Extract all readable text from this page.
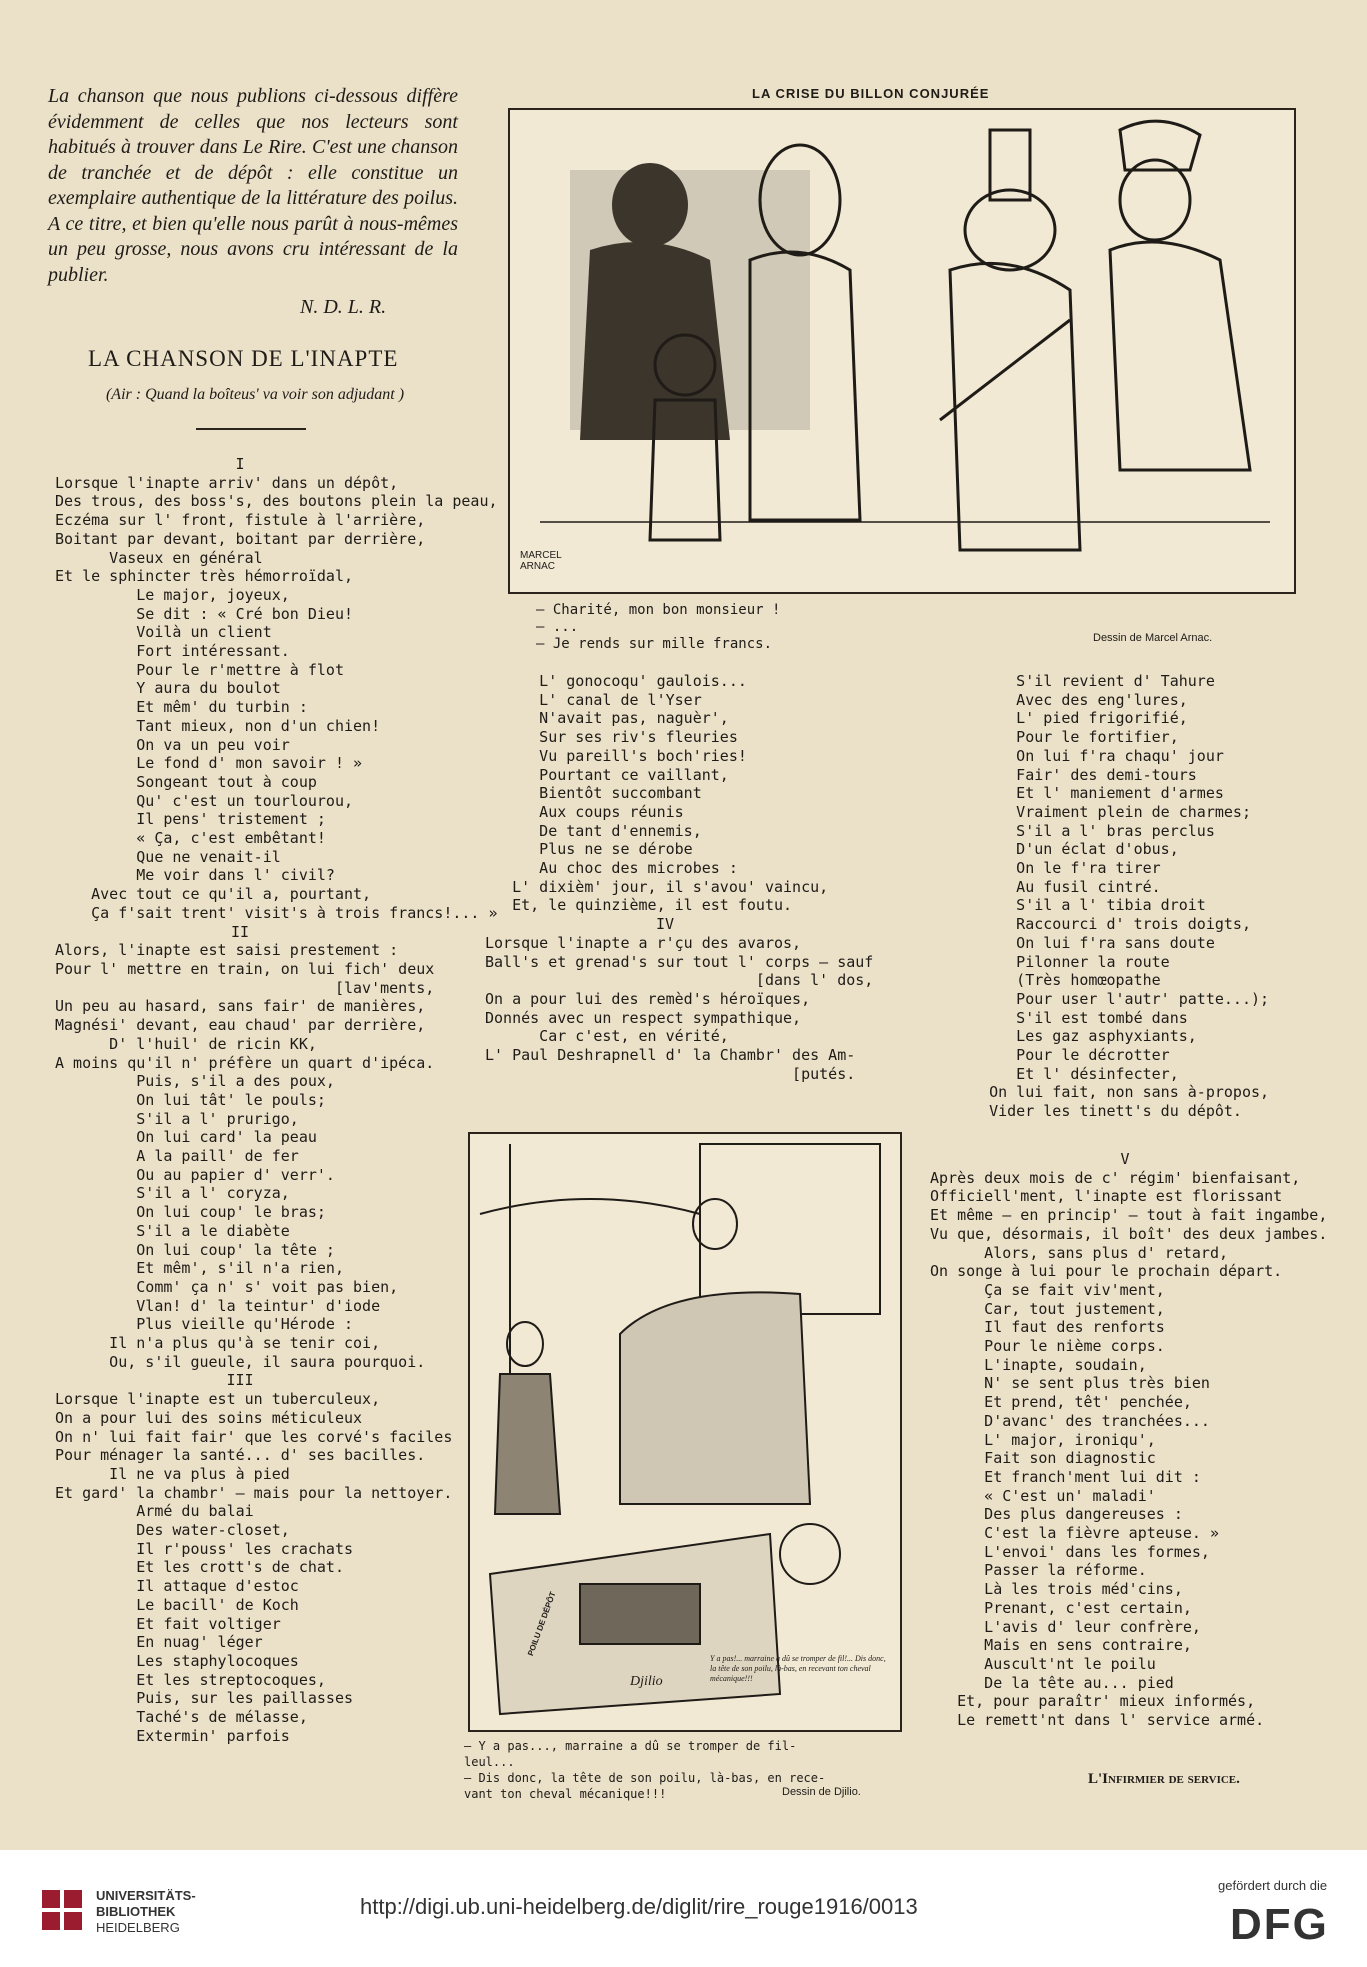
La chanson que nous publions ci-dessous diffère évidemment de celles que nos lecteurs sont habitués à trouver dans Le Rire. C'est une chanson de tranchée et de dépôt : elle constitue un exemplaire authentique de la littérature des poilus. A ce titre, et bien qu'elle nous parût à nous-mêmes un peu grosse, nous avons cru intéressant de la publier.
N. D. L. R.
LA CHANSON DE L'INAPTE
(Air : Quand la boîteus' va voir son adjudant )
I
Lorsque l'inapte arriv' dans un dépôt,
Des trous, des boss's, des boutons plein la peau,
Eczéma sur l' front, fistule à l'arrière,
Boitant par devant, boitant par derrière,
Vaseux en général
Et le sphincter très hémorroïdal,
Le major, joyeux,
Se dit : « Cré bon Dieu!
Voilà un client
Fort intéressant.
Pour le r'mettre à flot
Y aura du boulot
Et mêm' du turbin :
Tant mieux, non d'un chien!
On va un peu voir
Le fond d' mon savoir ! »
Songeant tout à coup
Qu' c'est un tourlourou,
Il pens' tristement ;
« Ça, c'est embêtant!
Que ne venait-il
Me voir dans l' civil?
Avec tout ce qu'il a, pourtant,
Ça f'sait trent' visit's à trois francs!... »
II
Alors, l'inapte est saisi prestement :
Pour l' mettre en train, on lui fich' deux
[lav'ments,
Un peu au hasard, sans fair' de manières,
Magnési' devant, eau chaud' par derrière,
D' l'huil' de ricin KK,
A moins qu'il n' préfère un quart d'ipéca.
Puis, s'il a des poux,
On lui tât' le pouls;
S'il a l' prurigo,
On lui card' la peau
A la paill' de fer
Ou au papier d' verr'.
S'il a l' coryza,
On lui coup' le bras;
S'il a le diabète
On lui coup' la tête ;
Et mêm', s'il n'a rien,
Comm' ça n' s' voit pas bien,
Vlan! d' la teintur' d'iode
Plus vieille qu'Hérode :
Il n'a plus qu'à se tenir coi,
Ou, s'il gueule, il saura pourquoi.
III
Lorsque l'inapte est un tuberculeux,
On a pour lui des soins méticuleux
On n' lui fait fair' que les corvé's faciles
Pour ménager la santé... d' ses bacilles.
Il ne va plus à pied
Et gard' la chambr' — mais pour la nettoyer.
Armé du balai
Des water-closet,
Il r'pouss' les crachats
Et les crott's de chat.
Il attaque d'estoc
Le bacill' de Koch
Et fait voltiger
En nuag' léger
Les staphylocoques
Et les streptocoques,
Puis, sur les paillasses
Taché's de mélasse,
Extermin' parfois
LA CRISE DU BILLON CONJURÉE
MARCEL ARNAC
— Charité, mon bon monsieur !
— ...
— Je rends sur mille francs.	Dessin de Marcel Arnac.
L' gonocoqu' gaulois...
L' canal de l'Yser
N'avait pas, naguèr',
Sur ses riv's fleuries
Vu pareill's boch'ries!
Pourtant ce vaillant,
Bientôt succombant
Aux coups réunis
De tant d'ennemis,
Plus ne se dérobe
Au choc des microbes :
L' dixièm' jour, il s'avou' vaincu,
Et, le quinzième, il est foutu.
IV
Lorsque l'inapte a r'çu des avaros,
Ball's et grenad's sur tout l' corps — sauf
[dans l' dos,
On a pour lui des remèd's héroïques,
Donnés avec un respect sympathique,
Car c'est, en vérité,
L' Paul Deshrapnell d' la Chambr' des Am-
[putés.
POILU DE DÉPÔT
Djilio
Y a pas!... marraine a dû se tromper de fil!... Dis donc, la tête de son poilu, là-bas, en recevant ton cheval mécanique!!!
— Y a pas..., marraine a dû se tromper de fil-
leul...
— Dis donc, la tête de son poilu, là-bas, en rece-
vant ton cheval mécanique!!!	Dessin de Djilio.
S'il revient d' Tahure
Avec des eng'lures,
L' pied frigorifié,
Pour le fortifier,
On lui f'ra chaqu' jour
Fair' des demi-tours
Et l' maniement d'armes
Vraiment plein de charmes;
S'il a l' bras perclus
D'un éclat d'obus,
On le f'ra tirer
Au fusil cintré.
S'il a l' tibia droit
Raccourci d' trois doigts,
On lui f'ra sans doute
Pilonner la route
(Très homœopathe
Pour user l'autr' patte...);
S'il est tombé dans
Les gaz asphyxiants,
Pour le décrotter
Et l' désinfecter,
On lui fait, non sans à-propos,
Vider les tinett's du dépôt.
V
Après deux mois de c' régim' bienfaisant,
Officiell'ment, l'inapte est florissant
Et même — en princip' — tout à fait ingambe,
Vu que, désormais, il boît' des deux jambes.
Alors, sans plus d' retard,
On songe à lui pour le prochain départ.
Ça se fait viv'ment,
Car, tout justement,
Il faut des renforts
Pour le nième corps.
L'inapte, soudain,
N' se sent plus très bien
Et prend, têt' penchée,
D'avanc' des tranchées...
L' major, ironiqu',
Fait son diagnostic
Et franch'ment lui dit :
« C'est un' maladi'
Des plus dangereuses :
C'est la fièvre apteuse. »
L'envoi' dans les formes,
Passer la réforme.
Là les trois méd'cins,
Prenant, c'est certain,
L'avis d' leur confrère,
Mais en sens contraire,
Auscult'nt le poilu
De la tête au... pied
Et, pour paraîtr' mieux informés,
Le remett'nt dans l' service armé.
L'Infirmier de service.
UNIVERSITÄTS-
BIBLIOTHEK
HEIDELBERG
http://digi.ub.uni-heidelberg.de/diglit/rire_rouge1916/0013
gefördert durch die
DFG
